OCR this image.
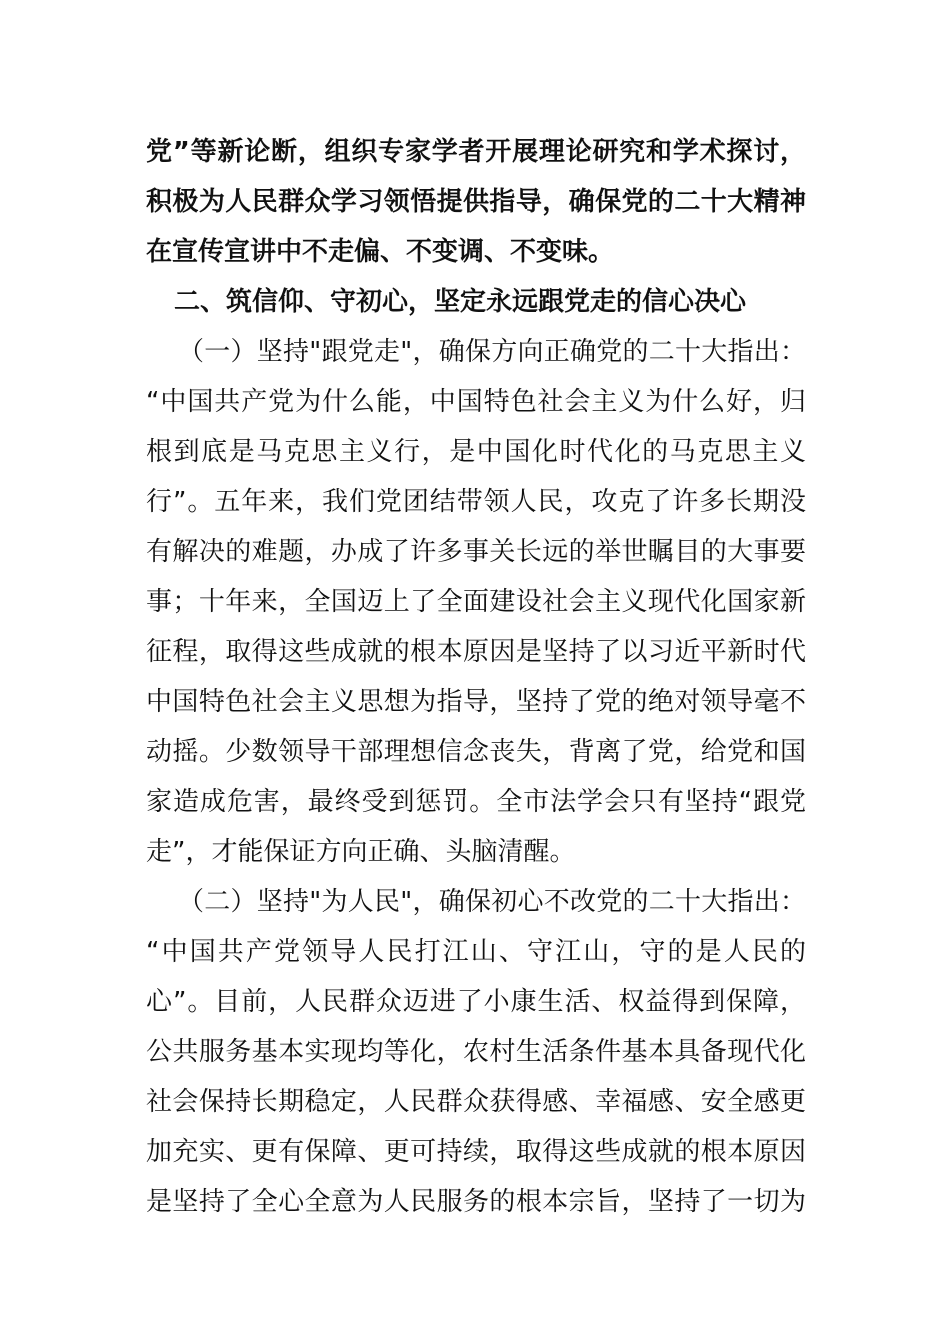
党”等新论断，组织专家学者开展理论研究和学术探讨，
积极为人民群众学习领悟提供指导，确保党的二十大精神
在宣传宣讲中不走偏、不变调、不变味。
二、筑信仰、守初心，坚定永远跟党走的信心决心
（一）坚持"跟党走"，确保方向正确党的二十大指出：
“中国共产党为什么能，中国特色社会主义为什么好，归
根到底是马克思主义行，是中国化时代化的马克思主义
行”。五年来，我们党团结带领人民，攻克了许多长期没
有解决的难题，办成了许多事关长远的举世瞩目的大事要
事；十年来，全国迈上了全面建设社会主义现代化国家新
征程，取得这些成就的根本原因是坚持了以习近平新时代
中国特色社会主义思想为指导，坚持了党的绝对领导毫不
动摇。少数领导干部理想信念丧失，背离了党，给党和国
家造成危害，最终受到惩罚。全市法学会只有坚持“跟党
走”，才能保证方向正确、头脑清醒。
（二）坚持"为人民"，确保初心不改党的二十大指出：
“中国共产党领导人民打江山、守江山，守的是人民的
心”。目前，人民群众迈进了小康生活、权益得到保障，
公共服务基本实现均等化，农村生活条件基本具备现代化
社会保持长期稳定，人民群众获得感、幸福感、安全感更
加充实、更有保障、更可持续，取得这些成就的根本原因
是坚持了全心全意为人民服务的根本宗旨，坚持了一切为
